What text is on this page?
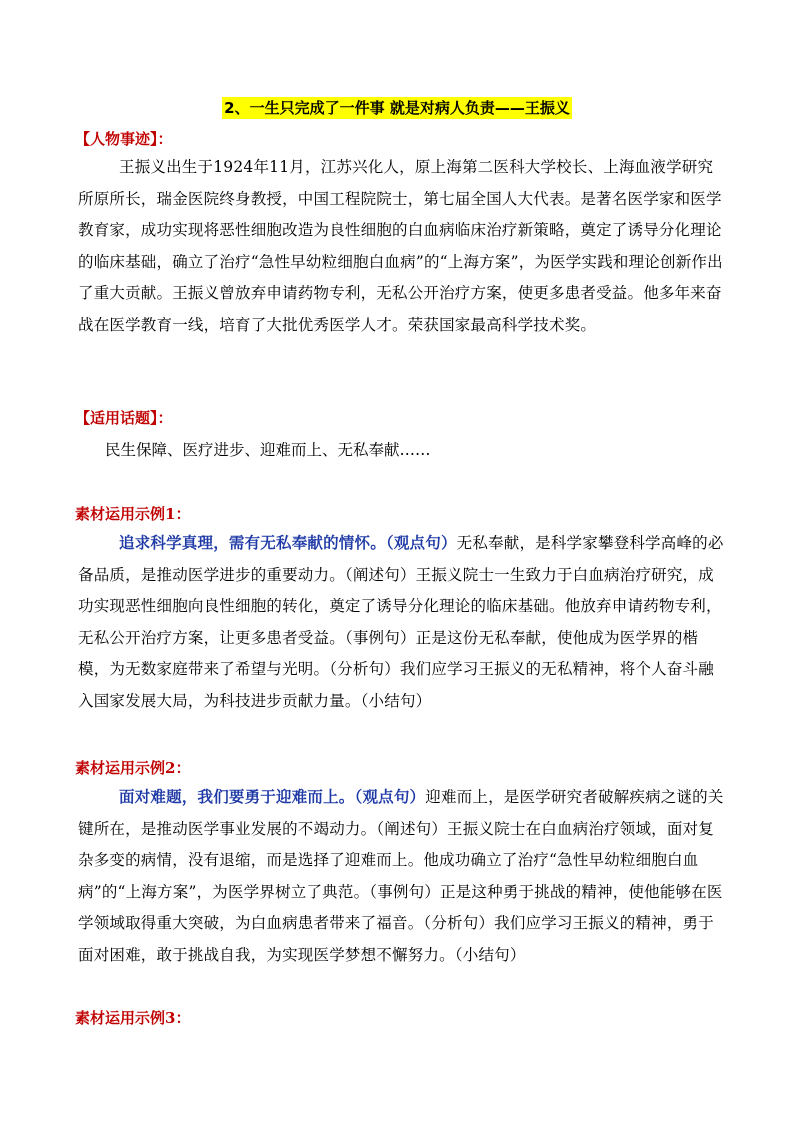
2、一生只完成了一件事 就是对病人负责——王振义
【人物事迹】：

王振义出生于1924年11月，江苏兴化人，原上海第二医科大学校长、上海血液学研究所原所长，瑞金医院终身教授，中国工程院院士，第七届全国人大代表。是著名医学家和医学教育家，成功实现将恶性细胞改造为良性细胞的白血病临床治疗新策略，奠定了诱导分化理论的临床基础，确立了治疗“急性早幼粒细胞白血病”的“上海方案”，为医学实践和理论创新作出了重大贡献。王振义曾放弃申请药物专利，无私公开治疗方案，使更多患者受益。他多年来奋战在医学教育一线，培育了大批优秀医学人才。荣获国家最高科学技术奖。

【适用话题】：

民生保障、医疗进步、迎难而上、无私奉献……

素材运用示例1：

追求科学真理，需有无私奉献的情怀。（观点句）无私奉献，是科学家攀登科学高峰的必备品质，是推动医学进步的重要动力。（阐述句）王振义院士一生致力于白血病治疗研究，成功实现恶性细胞向良性细胞的转化，奠定了诱导分化理论的临床基础。他放弃申请药物专利，无私公开治疗方案，让更多患者受益。（事例句）正是这份无私奉献，使他成为医学界的楷模，为无数家庭带来了希望与光明。（分析句）我们应学习王振义的无私精神，将个人奋斗融入国家发展大局，为科技进步贡献力量。（小结句）

素材运用示例2：

面对难题，我们要勇于迎难而上。（观点句）迎难而上，是医学研究者破解疾病之谜的关键所在，是推动医学事业发展的不竭动力。（阐述句）王振义院士在白血病治疗领域，面对复杂多变的病情，没有退缩，而是选择了迎难而上。他成功确立了治疗“急性早幼粒细胞白血病”的“上海方案”，为医学界树立了典范。（事例句）正是这种勇于挑战的精神，使他能够在医学领域取得重大突破，为白血病患者带来了福音。（分析句）我们应学习王振义的精神，勇于面对困难，敢于挑战自我，为实现医学梦想不懈努力。（小结句）

素材运用示例3：
